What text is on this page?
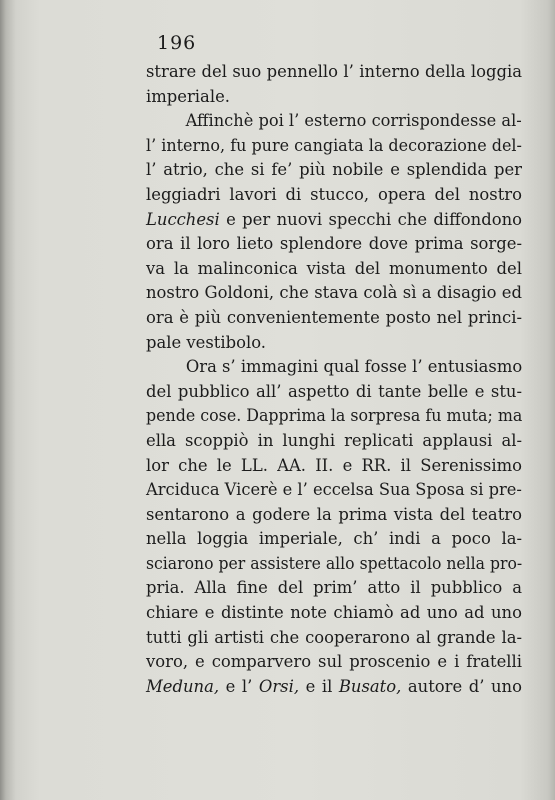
196
strare del suo pennello l’ interno della loggia
imperiale.
Affinchè poi l’ esterno corrispondesse al-
l’ interno, fu pure cangiata la decorazione del-
l’ atrio, che si fe’ più nobile e splendida per
leggiadri lavori di stucco, opera del nostro
Lucchesi e per nuovi specchi che diffondono
ora il loro lieto splendore dove prima sorge-
va la malinconica vista del monumento del
nostro Goldoni, che stava colà sì a disagio ed
ora è più convenientemente posto nel princi-
pale vestibolo.
Ora s’ immagini qual fosse l’ entusiasmo
del pubblico all’ aspetto di tante belle e stu-
pende cose. Dapprima la sorpresa fu muta; ma
ella scoppiò in lunghi replicati applausi al-
lor che le LL. AA. II. e RR. il Serenissimo
Arciduca Vicerè e l’ eccelsa Sua Sposa si pre-
sentarono a godere la prima vista del teatro
nella loggia imperiale, ch’ indi a poco la-
sciarono per assistere allo spettacolo nella pro-
pria. Alla fine del prim’ atto il pubblico a
chiare e distinte note chiamò ad uno ad uno
tutti gli artisti che cooperarono al grande la-
voro, e comparvero sul proscenio e i fratelli
Meduna, e l’ Orsi, e il Busato, autore d’ uno
